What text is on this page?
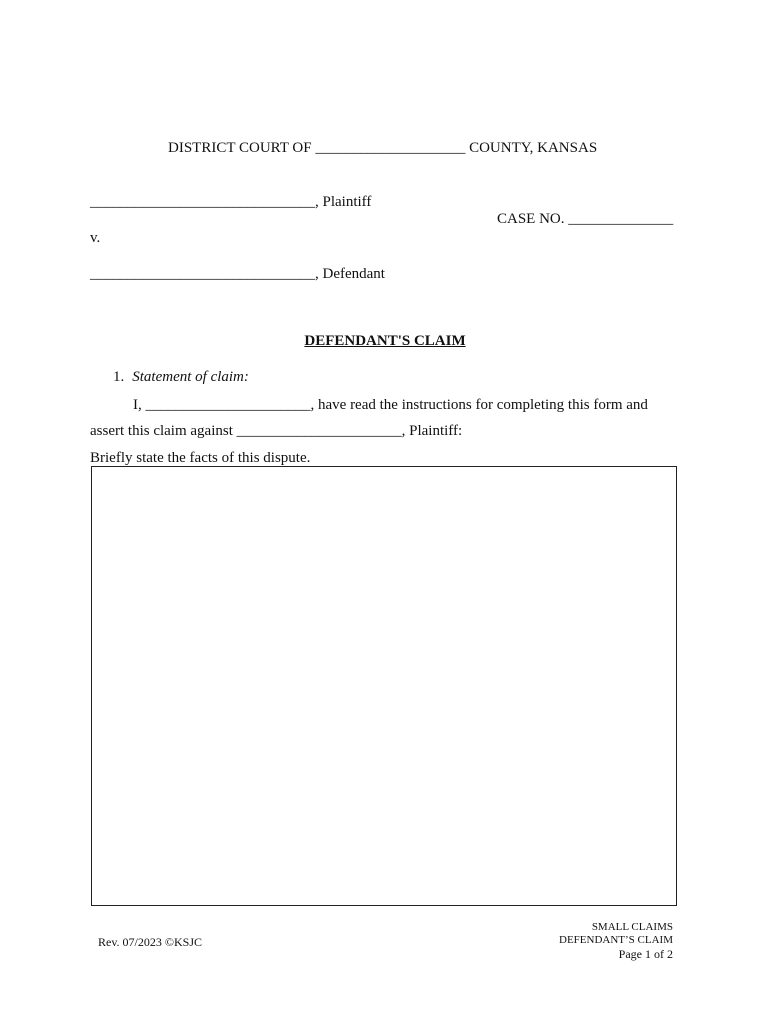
DISTRICT COURT OF ____________________ COUNTY, KANSAS
______________________________, Plaintiff
CASE NO. ______________
v.
______________________________, Defendant
DEFENDANT'S CLAIM
1. Statement of claim:
I, ______________________, have read the instructions for completing this form and
assert this claim against ______________________, Plaintiff:
Briefly state the facts of this dispute.
Rev. 07/2023 ©KSJC
SMALL CLAIMS
DEFENDANT’S CLAIM
Page 1 of 2
